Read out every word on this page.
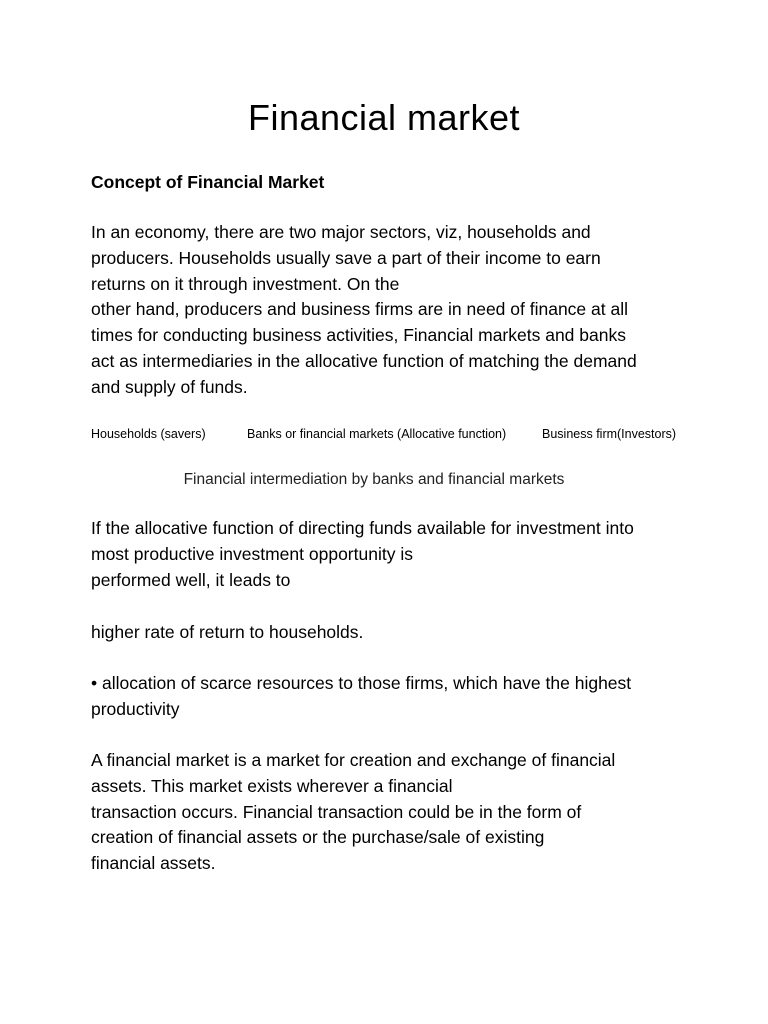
Financial market
Concept of Financial Market

In an economy, there are two major sectors, viz, households and
producers. Households usually save a part of their income to earn
returns on it through investment. On the
other hand, producers and business firms are in need of finance at all
times for conducting business activities, Financial markets and banks
act as intermediaries in the allocative function of matching the demand
and supply of funds.

Households (savers)	Banks or financial markets (Allocative function)	Business firm(Investors)
Financial intermediation by banks and financial markets

If the allocative function of directing funds available for investment into
most productive investment opportunity is
performed well, it leads to

higher rate of return to households.

• allocation of scarce resources to those firms, which have the highest
productivity

A financial market is a market for creation and exchange of financial
assets. This market exists wherever a financial
transaction occurs. Financial transaction could be in the form of
creation of financial assets or the purchase/sale of existing
financial assets.
